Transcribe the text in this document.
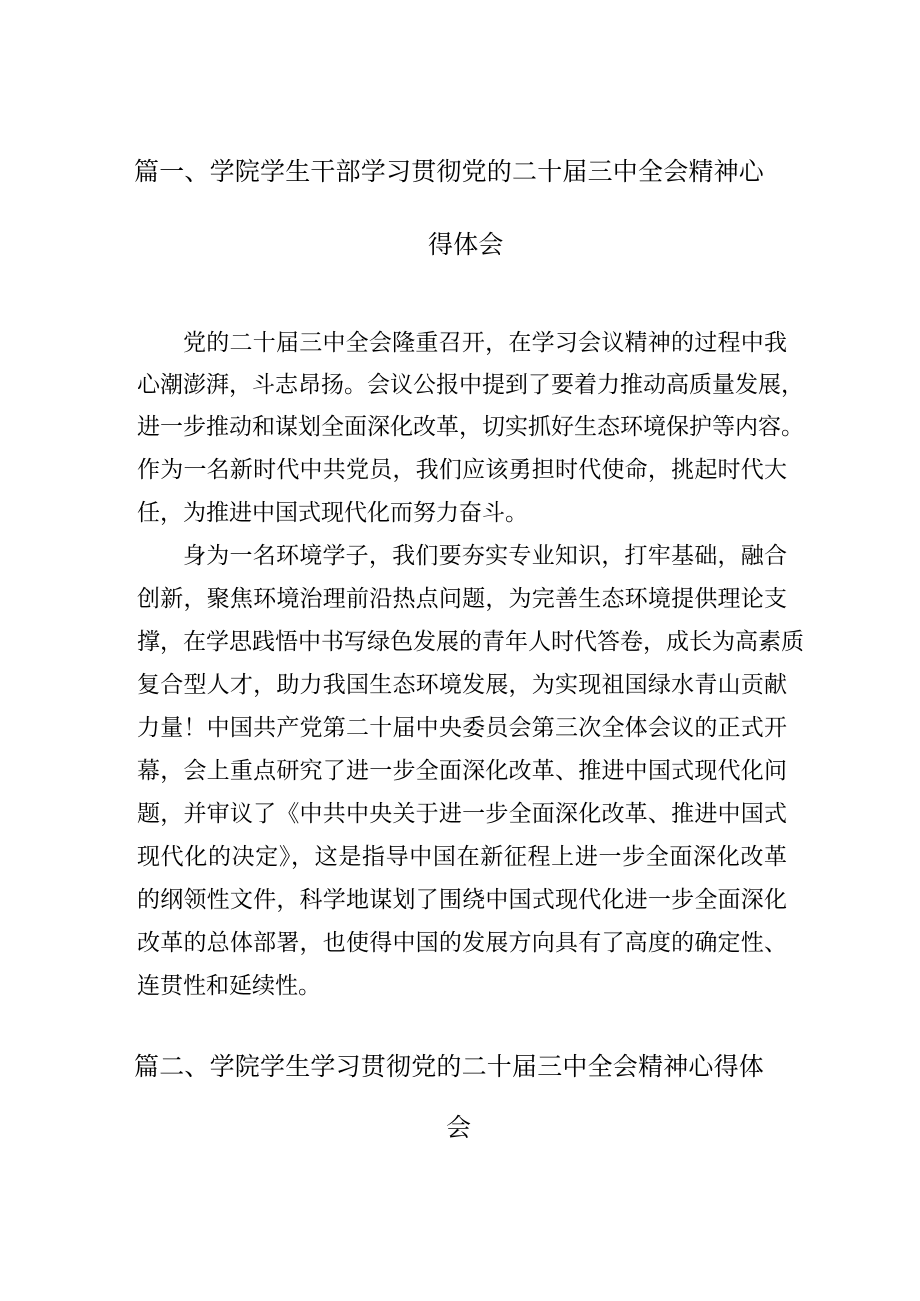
篇一、学院学生干部学习贯彻党的二十届三中全会精神心
得体会

党的二十届三中全会隆重召开，在学习会议精神的过程中我

心潮澎湃，斗志昂扬。会议公报中提到了要着力推动高质量发展，

进一步推动和谋划全面深化改革，切实抓好生态环境保护等内容。

作为一名新时代中共党员，我们应该勇担时代使命，挑起时代大

任，为推进中国式现代化而努力奋斗。

身为一名环境学子，我们要夯实专业知识，打牢基础，融合

创新，聚焦环境治理前沿热点问题，为完善生态环境提供理论支

撑，在学思践悟中书写绿色发展的青年人时代答卷，成长为高素质

复合型人才，助力我国生态环境发展，为实现祖国绿水青山贡献

力量！中国共产党第二十届中央委员会第三次全体会议的正式开

幕，会上重点研究了进一步全面深化改革、推进中国式现代化问

题，并审议了《中共中央关于进一步全面深化改革、推进中国式

现代化的决定》，这是指导中国在新征程上进一步全面深化改革

的纲领性文件，科学地谋划了围绕中国式现代化进一步全面深化

改革的总体部署，也使得中国的发展方向具有了高度的确定性、

连贯性和延续性。

篇二、学院学生学习贯彻党的二十届三中全会精神心得体
会
